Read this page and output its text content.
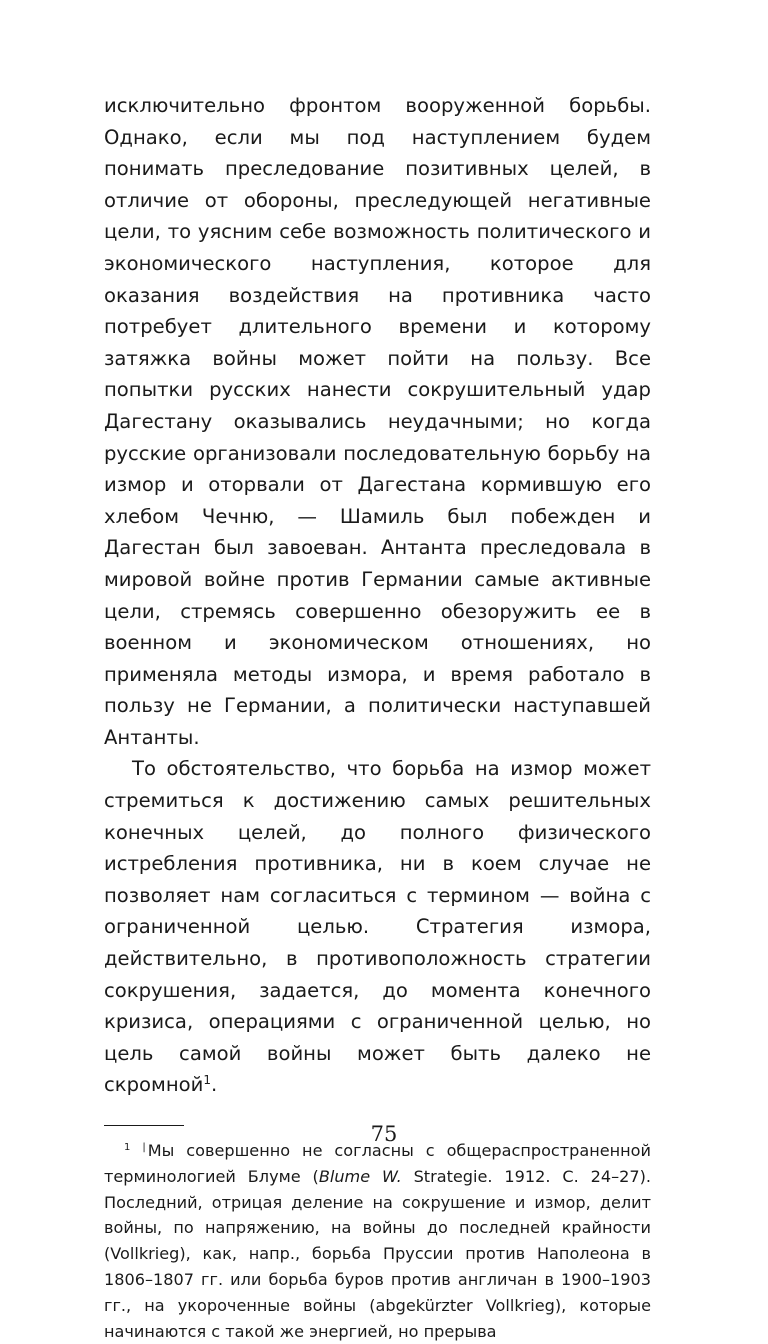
исключительно фронтом вооруженной борьбы. Однако, если мы под наступлением будем понимать преследование позитивных целей, в отличие от обороны, преследующей негативные цели, то уясним себе возможность политического и экономического наступления, которое для оказания воздействия на противника часто потребует длительного времени и которому затяжка войны может пойти на пользу. Все попытки русских нанести сокрушительный удар Дагестану оказывались неудачными; но когда русские организовали последовательную борьбу на измор и оторвали от Дагестана кормившую его хлебом Чечню, — Шамиль был побежден и Дагестан был завоеван. Антанта преследовала в мировой войне против Германии самые активные цели, стремясь совершенно обезоружить ее в военном и экономическом отношениях, но применяла методы измора, и время работало в пользу не Германии, а политически наступавшей Антанты.

То обстоятельство, что борьба на измор может стремиться к достижению самых решительных конечных целей, до полного физического истребления противника, ни в коем случае не позволяет нам согласиться с термином — война с ограниченной целью. Стратегия измора, действительно, в противоположность стратегии сокрушения, задается, до момента конечного кризиса, операциями с ограниченной целью, но цель самой войны может быть далеко не скромной$^1$.

$^1$ | Мы совершенно не согласны с общераспространенной терминологией Блуме (Blume W. Strategie. 1912. С. 24–27). Последний, отрицая деление на сокрушение и измор, делит войны, по напряжению, на войны до последней крайности (Vollkrieg), как, напр., борьба Пруссии против Наполеона в 1806–1807 гг. или борьба буров против англичан в 1900–1903 гг., на укороченные войны (abgekürzter Vollkrieg), которые начинаются с такой же энергией, но прерыва

75
